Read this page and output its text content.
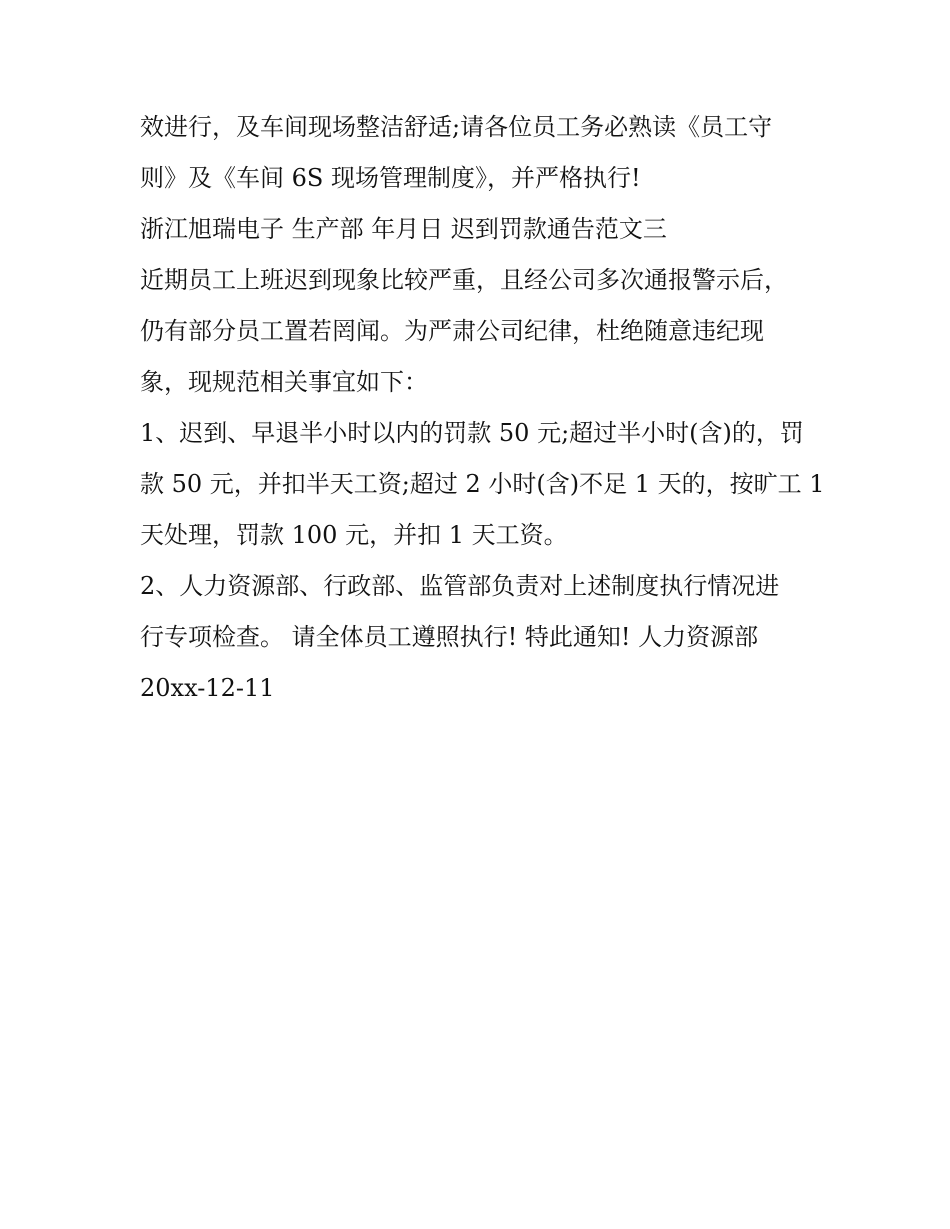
效进行，及车间现场整洁舒适;请各位员工务必熟读《员工守
则》及《车间 6S 现场管理制度》，并严格执行!
浙江旭瑞电子 生产部 年月日 迟到罚款通告范文三
近期员工上班迟到现象比较严重，且经公司多次通报警示后，
仍有部分员工置若罔闻。为严肃公司纪律，杜绝随意违纪现
象，现规范相关事宜如下：
1、迟到、早退半小时以内的罚款 50 元;超过半小时(含)的，罚
款 50 元，并扣半天工资;超过 2 小时(含)不足 1 天的，按旷工 1
天处理，罚款 100 元，并扣 1 天工资。
2、人力资源部、行政部、监管部负责对上述制度执行情况进
行专项检查。 请全体员工遵照执行! 特此通知! 人力资源部
20xx-12-11
